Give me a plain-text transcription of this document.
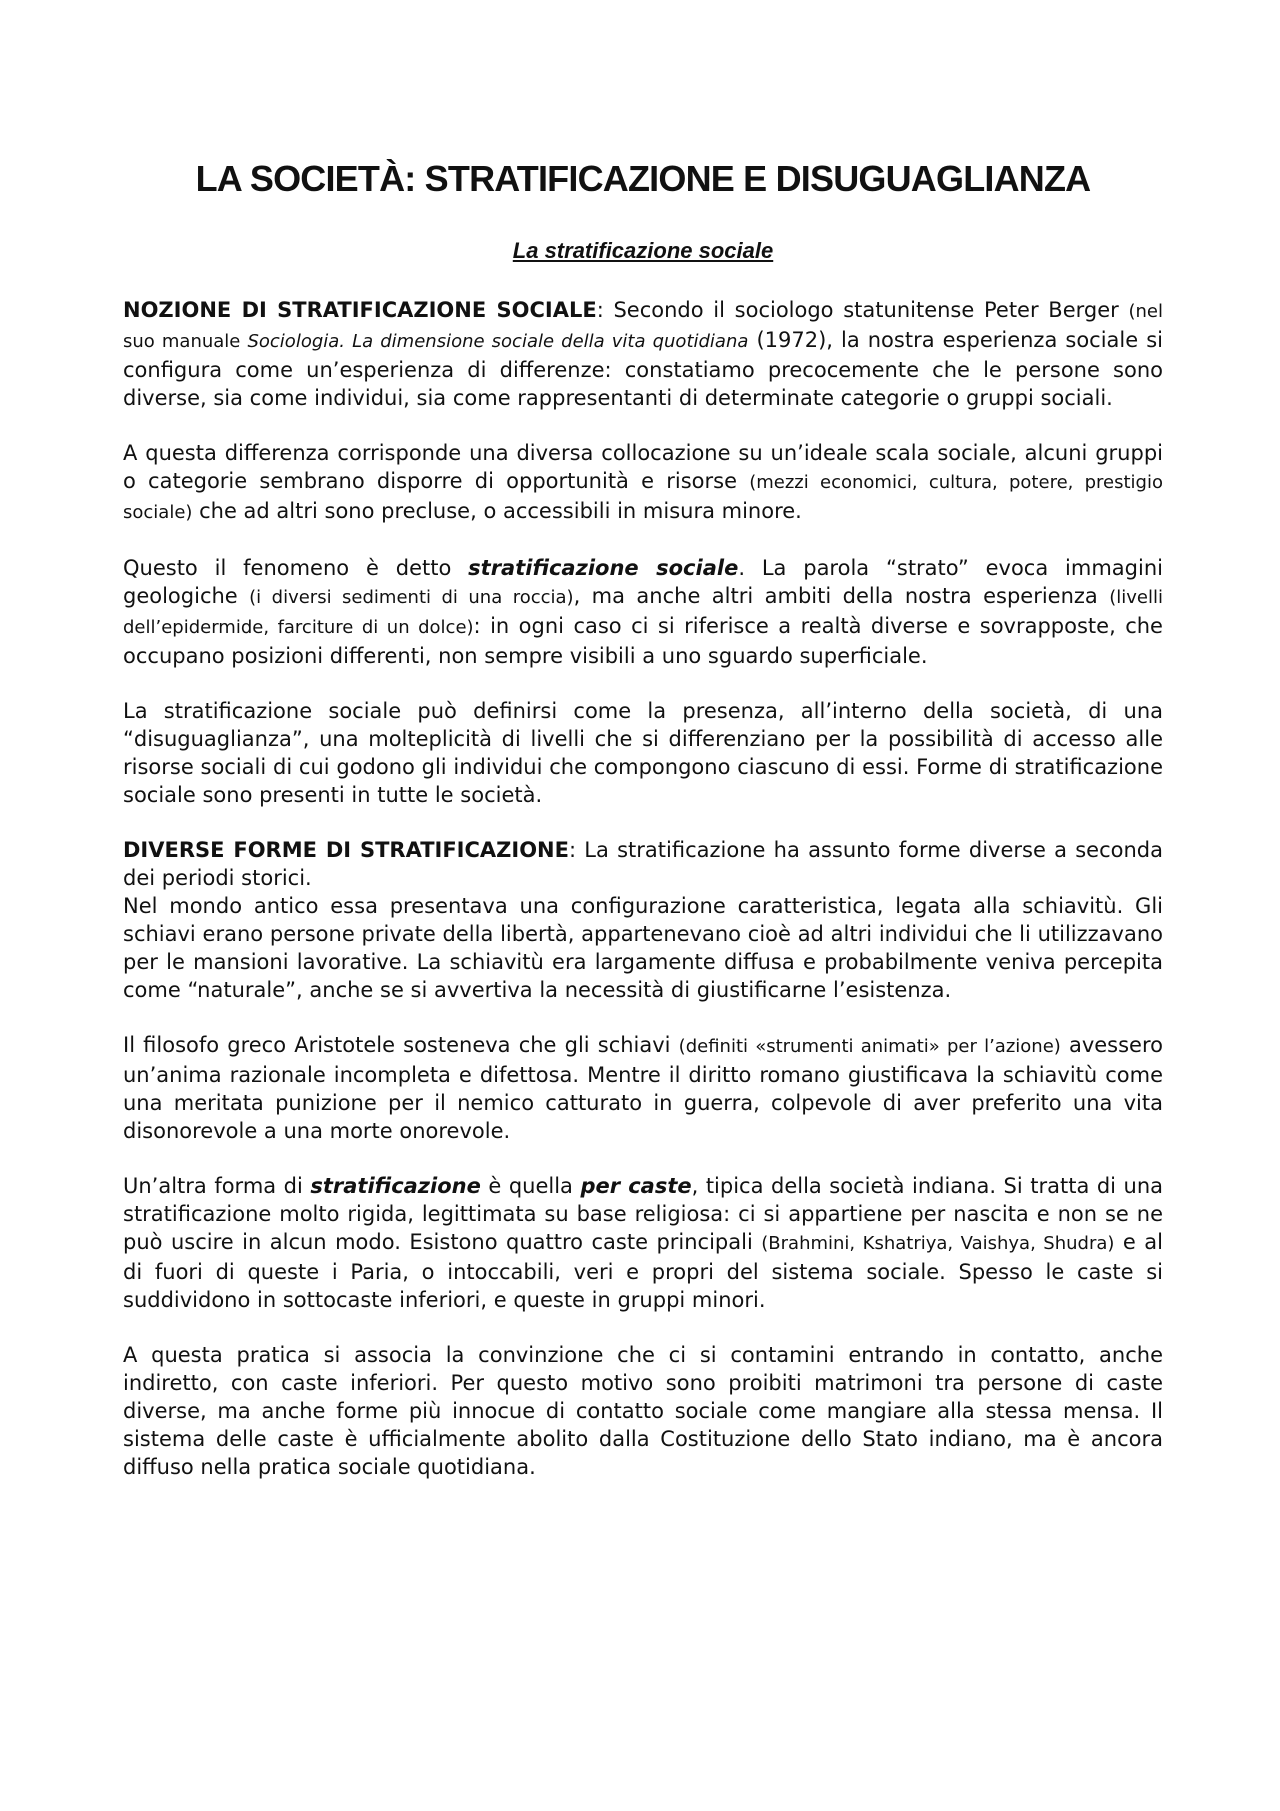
LA SOCIETÀ: STRATIFICAZIONE E DISUGUAGLIANZA
La stratificazione sociale

NOZIONE DI STRATIFICAZIONE SOCIALE: Secondo il sociologo statunitense Peter Berger (nel suo manuale Sociologia. La dimensione sociale della vita quotidiana (1972), la nostra esperienza sociale si configura come un’esperienza di differenze: constatiamo precocemente che le persone sono diverse, sia come individui, sia come rappresentanti di determinate categorie o gruppi sociali.

A questa differenza corrisponde una diversa collocazione su un’ideale scala sociale, alcuni gruppi o categorie sembrano disporre di opportunità e risorse (mezzi economici, cultura, potere, prestigio sociale) che ad altri sono precluse, o accessibili in misura minore.

Questo il fenomeno è detto stratificazione sociale. La parola “strato” evoca immagini geologiche (i diversi sedimenti di una roccia), ma anche altri ambiti della nostra esperienza (livelli dell’epidermide, farciture di un dolce): in ogni caso ci si riferisce a realtà diverse e sovrapposte, che occupano posizioni differenti, non sempre visibili a uno sguardo superficiale.

La stratificazione sociale può definirsi come la presenza, all’interno della società, di una “disuguaglianza”, una molteplicità di livelli che si differenziano per la possibilità di accesso alle risorse sociali di cui godono gli individui che compongono ciascuno di essi. Forme di stratificazione sociale sono presenti in tutte le società.

DIVERSE FORME DI STRATIFICAZIONE: La stratificazione ha assunto forme diverse a seconda dei periodi storici.

Nel mondo antico essa presentava una configurazione caratteristica, legata alla schiavitù. Gli schiavi erano persone private della libertà, appartenevano cioè ad altri individui che li utilizzavano per le mansioni lavorative. La schiavitù era largamente diffusa e probabilmente veniva percepita come “naturale”, anche se si avvertiva la necessità di giustificarne l’esistenza.

Il filosofo greco Aristotele sosteneva che gli schiavi (definiti «strumenti animati» per l’azione) avessero un’anima razionale incompleta e difettosa. Mentre il diritto romano giustificava la schiavitù come una meritata punizione per il nemico catturato in guerra, colpevole di aver preferito una vita disonorevole a una morte onorevole.

Un’altra forma di stratificazione è quella per caste, tipica della società indiana. Si tratta di una stratificazione molto rigida, legittimata su base religiosa: ci si appartiene per nascita e non se ne può uscire in alcun modo. Esistono quattro caste principali (Brahmini, Kshatriya, Vaishya, Shudra) e al di fuori di queste i Paria, o intoccabili, veri e propri del sistema sociale. Spesso le caste si suddividono in sottocaste inferiori, e queste in gruppi minori.

A questa pratica si associa la convinzione che ci si contamini entrando in contatto, anche indiretto, con caste inferiori. Per questo motivo sono proibiti matrimoni tra persone di caste diverse, ma anche forme più innocue di contatto sociale come mangiare alla stessa mensa. Il sistema delle caste è ufficialmente abolito dalla Costituzione dello Stato indiano, ma è ancora diffuso nella pratica sociale quotidiana.
